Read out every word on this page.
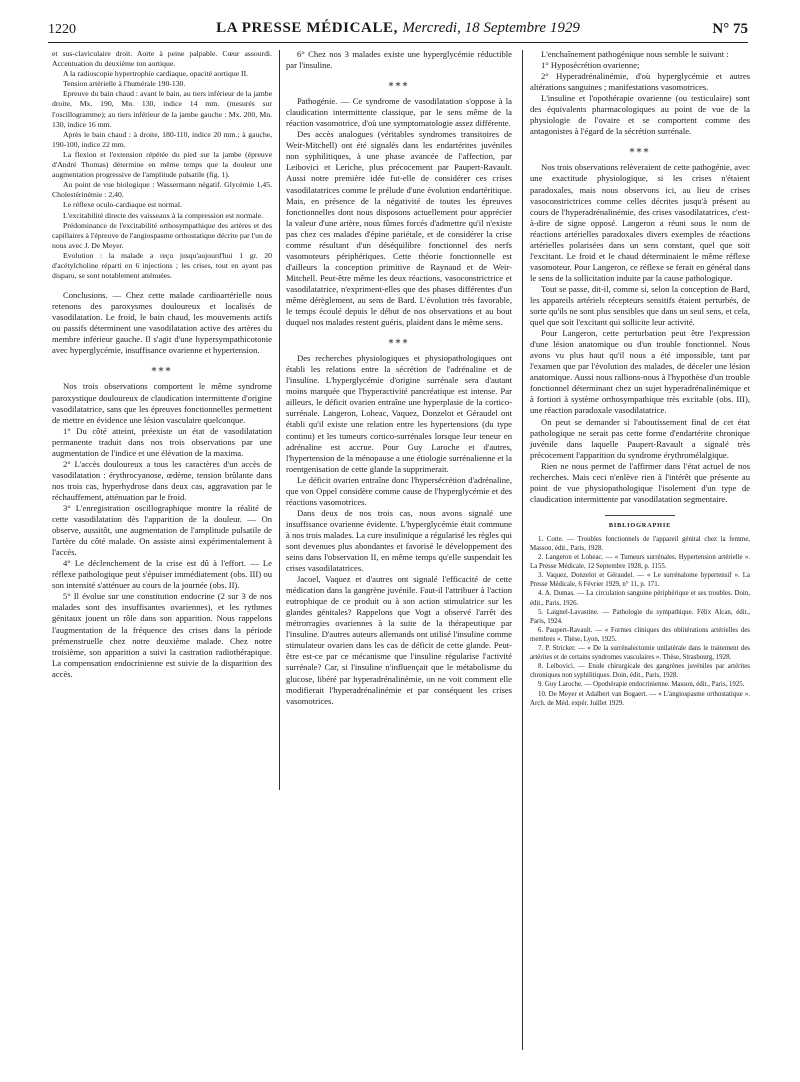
1220	LA PRESSE MÉDICALE, Mercredi, 18 Septembre 1929	N° 75

et sus-claviculaire droit. Aorte à peine palpable. Cœur assourdi. Accentuation du deuxième ton aortique.

A la radioscopie hypertrophie cardiaque, opacité aortique II.

Tension artérielle à l'humérale 190-130.

Epreuve du bain chaud : avant le bain, au tiers inférieur de la jambe droite, Mx. 190, Mn. 130, indice 14 mm. (mesurés sur l'oscillogramme); au tiers inférieur de la jambe gauche : Mx. 200, Mn. 130, indice 16 mm.

Après le bain chaud : à droite, 180-110, indice 20 mm.; à gauche, 190-100, indice 22 mm.

La flexion et l'extension répétée du pied sur la jambe (épreuve d'André Thomas) détermine en même temps que la douleur une augmentation progressive de l'amplitude pulsatile (fig. 1).

Au point de vue biologique : Wassermann négatif. Glycémie 1,45. Cholestérinémie : 2,40.

Le réflexe oculo-cardiaque est normal.

L'excitabilité directe des vaisseaux à la compression est normale.

Prédominance de l'excitabilité orthosympathique des artères et des capillaires à l'épreuve de l'angiospasme orthostatique décrite par l'un de nous avec J. De Meyer.

Evolution : la malade a reçu jusqu'aujourd'hui 1 gr. 20 d'acétylcholine réparti en 6 injections ; les crises, tout en ayant pas disparu, se sont notablement atténuées.

Conclusions. — Chez cette malade cardioartérielle nous retenons des paroxysmes douloureux et localisés de vasodilatation. Le froid, le bain chaud, les mouvements actifs ou passifs déterminent une vasodilatation active des artères du membre inférieur gauche. Il s'agit d'une hypersympathicotonie avec hyperglycémie, insuffisance ovarienne et hypertension.

⁎⁎⁎

Nos trois observations comportent le même syndrome paroxystique douloureux de claudication intermittente d'origine vasodilatatrice, sans que les épreuves fonctionnelles permettent de mettre en évidence une lésion vasculaire quelconque.

1° Du côté atteint, préexiste un état de vasodilatation permanente traduit dans nos trois observations par une augmentation de l'indice et une élévation de la maxima.

2° L'accès douloureux a tous les caractères d'un accès de vasodilatation : érythrocyanose, œdème, tension brûlante dans nos trois cas, hyperhydrose dans deux cas, aggravation par le réchauffement, atténuation par le froid.

3° L'enregistration oscillographique montre la réalité de cette vasodilatation dès l'apparition de la douleur. — On observe, aussitôt, une augmentation de l'amplitude pulsatile de l'artère du côté malade. On assiste ainsi expérimentalement à l'accès.

4° Le déclenchement de la crise est dû à l'effort. — Le réflexe pathologique peut s'épuiser immédiatement (obs. III) ou son intensité s'atténuer au cours de la journée (obs. II).

5° Il évolue sur une constitution endocrine (2 sur 3 de nos malades sont des insuffisantes ovariennes), et les rythmes génitaux jouent un rôle dans son apparition. Nous rappelons l'augmentation de la fréquence des crises dans la période prémenstruelle chez notre deuxième malade. Chez notre troisième, son apparition a suivi la castration radiothérapique. La compensation endocrinienne est suivie de la disparition des accès.

6° Chez nos 3 malades existe une hyperglycémie réductible par l'insuline.

⁎⁎⁎

Pathogénie. — Ce syndrome de vasodilatation s'oppose à la claudication intermittente classique, par le sens même de la réaction vasomotrice, d'où une symptomatologie assez différente.

Des accès analogues (véritables syndromes transitoires de Weir-Mitchell) ont été signalés dans les endartérites juvéniles non syphilitiques, à une phase avancée de l'affection, par Leibovici et Leriche, plus précocement par Paupert-Ravault. Aussi notre première idée fut-elle de considérer ces crises vasodilatatrices comme le prélude d'une évolution endartéritique. Mais, en présence de la négativité de toutes les épreuves fonctionnelles dont nous disposons actuellement pour apprécier la valeur d'une artère, nous fûmes forcés d'admettre qu'il n'existe pas chez ces malades d'épine pariétale, et de considérer la crise comme résultant d'un déséquilibre fonctionnel des nerfs vasomoteurs périphériques. Cette théorie fonctionnelle est d'ailleurs la conception primitive de Raynaud et de Weir-Mitchell. Peut-être même les deux réactions, vasoconstrictrice et vasodilatatrice, n'expriment-elles que des phases différentes d'un même dérèglement, au sens de Bard. L'évolution très favorable, le temps écoulé depuis le début de nos observations et au bout duquel nos malades restent guéris, plaident dans le même sens.

⁎⁎⁎

Des recherches physiologiques et physiopathologiques ont établi les relations entre la sécrétion de l'adrénaline et de l'insuline. L'hyperglycémie d'origine surrénale sera d'autant moins marquée que l'hyperactivité pancréatique est intense. Par ailleurs, le déficit ovarien entraîne une hyperplasie de la cortico-surrénale. Langeron, Loheac, Vaquez, Donzelot et Géraudel ont établi qu'il existe une relation entre les hypertensions (du type continu) et les tumeurs cortico-surrénales lorsque leur teneur en adrénaline est accrue. Pour Guy Laroche et d'autres, l'hypertension de la ménopause a une étiologie surrénalienne et la roentgenisation de cette glande la supprimerait.

Le déficit ovarien entraîne donc l'hypersécrétion d'adrénaline, que von Oppel considère comme cause de l'hyperglycémie et des réactions vasomotrices.

Dans deux de nos trois cas, nous avons signalé une insuffisance ovarienne évidente. L'hyperglycémie était commune à nos trois malades. La cure insulinique a régularisé les règles qui sont devenues plus abondantes et favorisé le développement des seins dans l'observation II, en même temps qu'elle suspendait les crises vasodilatatrices.

Jacoel, Vaquez et d'autres ont signalé l'efficacité de cette médication dans la gangrène juvénile. Faut-il l'attribuer à l'action eutrophique de ce produit ou à son action stimulatrice sur les glandes génitales? Rappelons que Vogt a observé l'arrêt des métrorragies ovariennes à la suite de la thérapeutique par l'insuline. D'autres auteurs allemands ont utilisé l'insuline comme stimulateur ovarien dans les cas de déficit de cette glande. Peut-être est-ce par ce mécanisme que l'insuline régularise l'activité surrénale? Car, si l'insuline n'influençait que le métabolisme du glucose, libéré par hyperadrénalinémie, on ne voit comment elle modifierait l'hyperadrénalinémie et par conséquent les crises vasomotrices.

L'enchaînement pathogénique nous semble le suivant :

1° Hyposécrétion ovarienne;

2° Hyperadrénalinémie, d'où hyperglycémie et autres altérations sanguines ; manifestations vasomotrices.

L'insuline et l'opothérapie ovarienne (ou testiculaire) sont des équivalents pharmacologiques au point de vue de la physiologie de l'ovaire et se comportent comme des antagonistes à l'égard de la sécrétion surrénale.

⁎⁎⁎

Nos trois observations relèveraient de cette pathogénie, avec une exactitude physiologique, si les crises n'étaient paradoxales, mais nous observons ici, au lieu de crises vasoconstrictrices comme celles décrites jusqu'à présent au cours de l'hyperadrénalinémie, des crises vasodilatatrices, c'est-à-dire de signe opposé. Langeron a réuni sous le nom de réactions artérielles paradoxales divers exemples de réactions artérielles polarisées dans un sens constant, quel que soit l'excitant. Le froid et le chaud déterminaient le même réflexe vasomoteur. Pour Langeron, ce réflexe se ferait en général dans le sens de la sollicitation induite par la cause pathologique.

Tout se passe, dit-il, comme si, selon la conception de Bard, les appareils artériels récepteurs sensitifs étaient perturbés, de sorte qu'ils ne sont plus sensibles que dans un seul sens, et cela, quel que soit l'excitant qui sollicite leur activité.

Pour Langeron, cette perturbation peut être l'expression d'une lésion anatomique ou d'un trouble fonctionnel. Nous avons vu plus haut qu'il nous a été impossible, tant par l'examen que par l'évolution des malades, de déceler une lésion anatomique. Aussi nous rallions-nous à l'hypothèse d'un trouble fonctionnel déterminant chez un sujet hyperadrénalinémique et à fortiori à système orthosympathique très excitable (obs. III), une réaction paradoxale vasodilatatrice.

On peut se demander si l'aboutissement final de cet état pathologique ne serait pas cette forme d'endartérite chronique juvénile dans laquelle Paupert-Ravault a signalé très précocement l'apparition du syndrome érythromélalgique.

Rien ne nous permet de l'affirmer dans l'état actuel de nos recherches. Mais ceci n'enlève rien à l'intérêt que présente au point de vue physiopathologique l'isolement d'un type de claudication intermittente par vasodilatation segmentaire.

BIBLIOGRAPHIE

1. Cotte. — Troubles fonctionnels de l'appareil génital chez la femme, Masson, édit., Paris, 1928.

2. Langeron et Loheac. — « Tumeurs surrénales. Hypertension artérielle ». La Presse Médicale, 12 Septembre 1928, p. 1155.

3. Vaquez, Donzelot et Géraudel. — « Le surrénalome hypertensif ». La Presse Médicale, 6 Février 1929, n° 11, p. 171.

4. A. Dumas. — La circulation sanguine périphérique et ses troubles. Doin, édit., Paris, 1926.

5. Laignel-Lavastine. — Pathologie du sympathique. Félix Alcan, édit., Paris, 1924.

6. Paupert-Ravault. — « Formes cliniques des oblitérations artérielles des membres ». Thèse, Lyon, 1925.

7. P. Stricker. — « De la surrénalectomie unilatérale dans le traitement des artérites et de certains syndromes vasculaires ». Thèse, Strasbourg, 1928.

8. Leibovici. — Etude chirurgicale des gangrènes juvéniles par artérites chroniques non syphilitiques. Doin, édit., Paris, 1928.

9. Guy Laroche. — Opothérapie endocrinienne. Masson, édit., Paris, 1925.

10. De Meyer et Adalbert van Bogaert. — « L'angiospasme orthostatique ». Arch. de Méd. expér. Juillet 1929.
